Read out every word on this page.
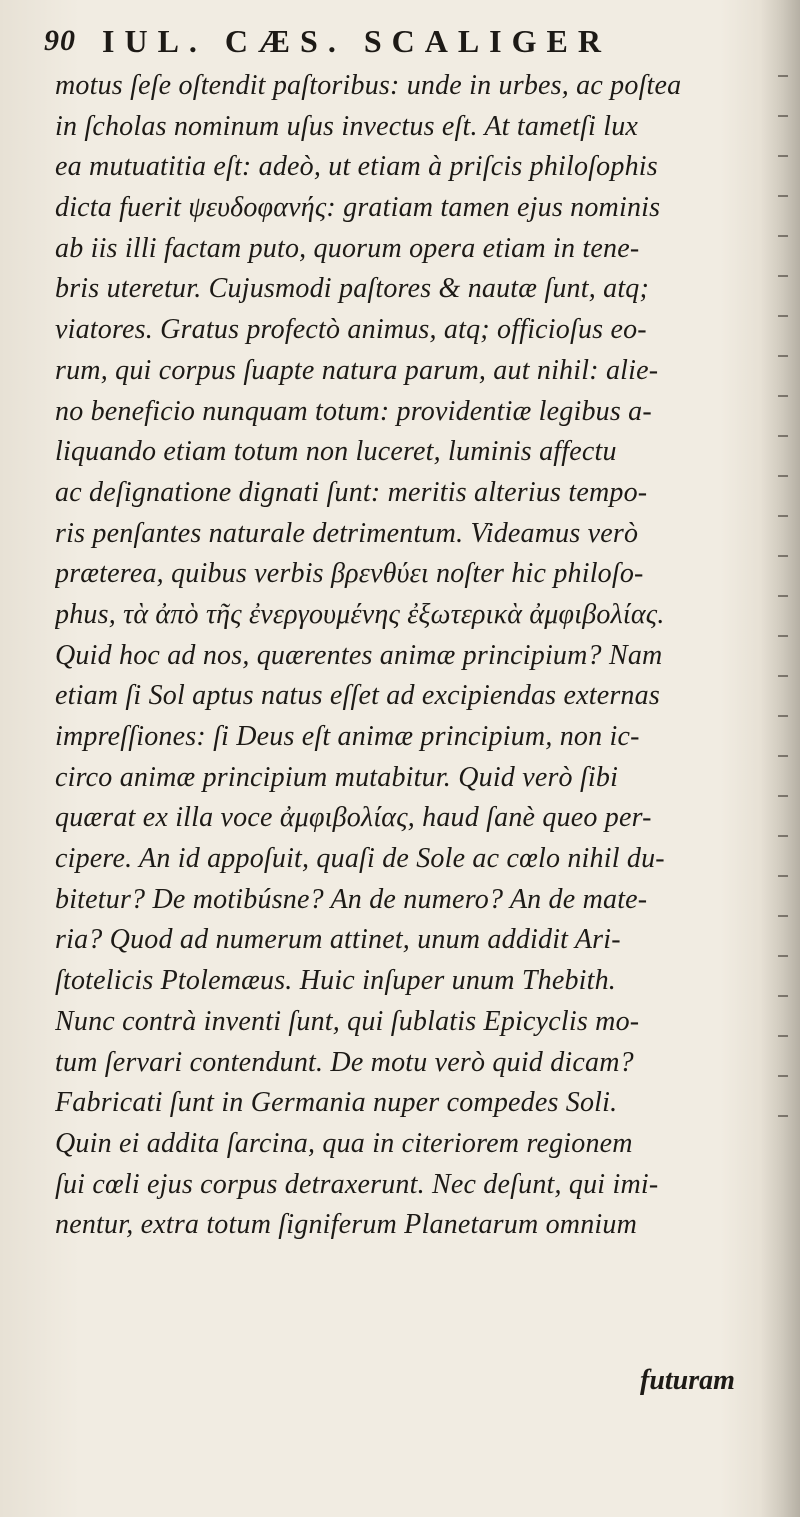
90 IUL. CÆS. SCALIGER
motus ſeſe oſtendit paſtoribus: unde in urbes, ac poſtea
in ſcholas nominum uſus invectus eſt. At tametſi lux
ea mutuatitia eſt: adeò, ut etiam à priſcis philoſophis
dicta fuerit ψευδοφανής: gratiam tamen ejus nominis
ab iis illi factam puto, quorum opera etiam in tene-
bris uteretur. Cujusmodi paſtores & nautæ ſunt, atq;
viatores. Gratus profectò animus, atq; officioſus eo-
rum, qui corpus ſuapte natura parum, aut nihil: alie-
no beneficio nunquam totum: providentiæ legibus a-
liquando etiam totum non luceret, luminis affectu
ac deſignatione dignati ſunt: meritis alterius tempo-
ris penſantes naturale detrimentum. Videamus verò
præterea, quibus verbis βρενθύει noſter hic philoſo-
phus, τὰ ἀπὸ τῆς ἐνεργουμένης ἐξωτερικὰ ἀμφιβολίας.
Quid hoc ad nos, quærentes animæ principium? Nam
etiam ſi Sol aptus natus eſſet ad excipiendas externas
impreſſiones: ſi Deus eſt animæ principium, non ic-
circo animæ principium mutabitur. Quid verò ſibi
quærat ex illa voce ἀμφιβολίας, haud ſanè queo per-
cipere. An id appoſuit, quaſi de Sole ac cœlo nihil du-
bitetur? De motibúsne? An de numero? An de mate-
ria? Quod ad numerum attinet, unum addidit Ari-
ſtotelicis Ptolemæus. Huic inſuper unum Thebith.
Nunc contrà inventi ſunt, qui ſublatis Epicyclis mo-
tum ſervari contendunt. De motu verò quid dicam?
Fabricati ſunt in Germania nuper compedes Soli.
Quin ei addita ſarcina, qua in citeriorem regionem
ſui cœli ejus corpus detraxerunt. Nec deſunt, qui imi-
nentur, extra totum ſigniferum Planetarum omnium
futuram
